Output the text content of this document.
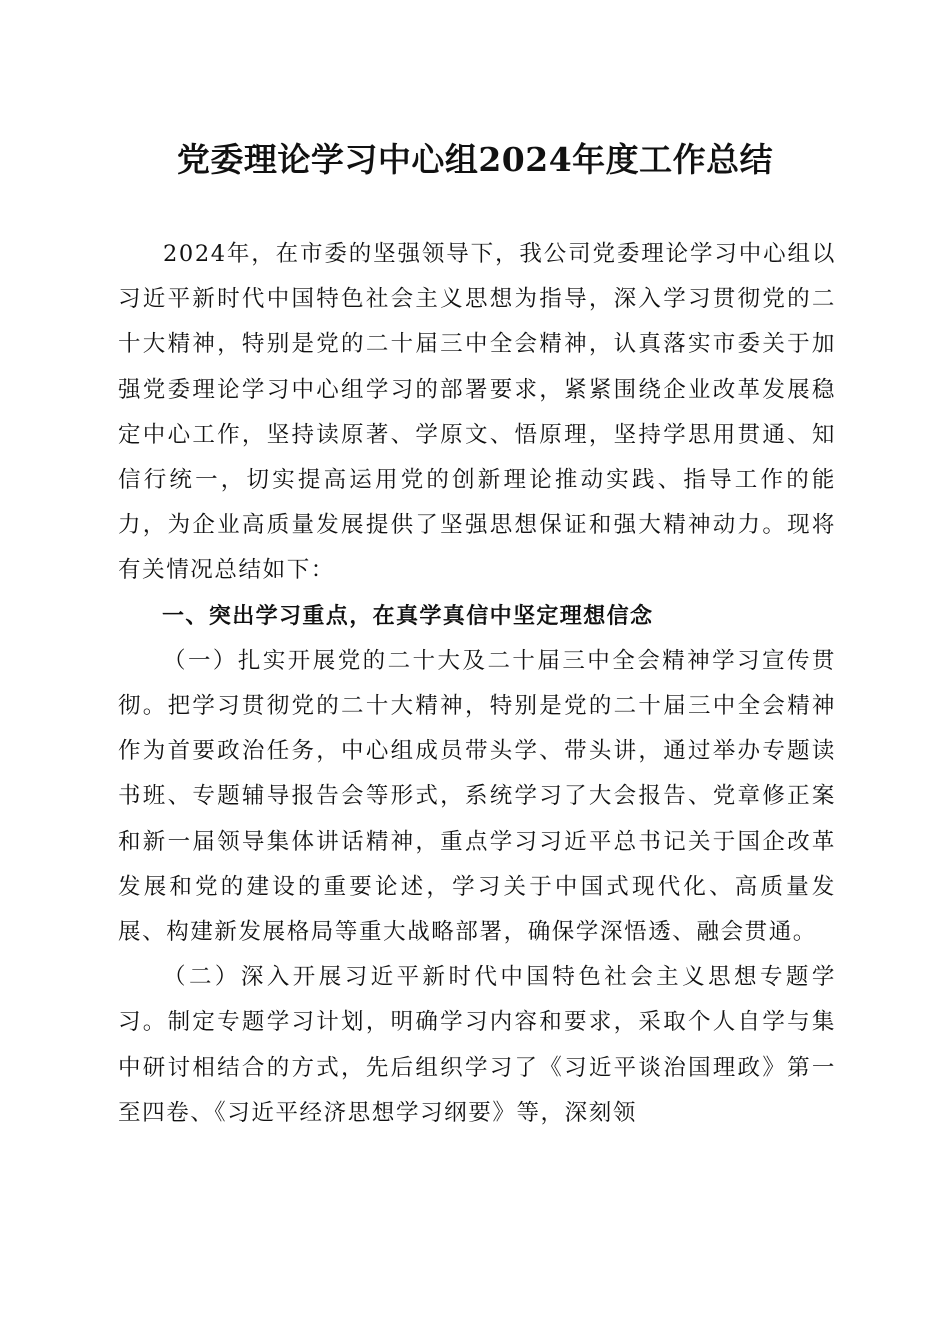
党委理论学习中心组2024年度工作总结

2024年，在市委的坚强领导下，我公司党委理论学习中心组以习近平新时代中国特色社会主义思想为指导，深入学习贯彻党的二十大精神，特别是党的二十届三中全会精神，认真落实市委关于加强党委理论学习中心组学习的部署要求，紧紧围绕企业改革发展稳定中心工作，坚持读原著、学原文、悟原理，坚持学思用贯通、知信行统一，切实提高运用党的创新理论推动实践、指导工作的能力，为企业高质量发展提供了坚强思想保证和强大精神动力。现将有关情况总结如下：

一、突出学习重点，在真学真信中坚定理想信念

（一）扎实开展党的二十大及二十届三中全会精神学习宣传贯彻。把学习贯彻党的二十大精神，特别是党的二十届三中全会精神作为首要政治任务，中心组成员带头学、带头讲，通过举办专题读书班、专题辅导报告会等形式，系统学习了大会报告、党章修正案和新一届领导集体讲话精神，重点学习习近平总书记关于国企改革发展和党的建设的重要论述，学习关于中国式现代化、高质量发展、构建新发展格局等重大战略部署，确保学深悟透、融会贯通。

（二）深入开展习近平新时代中国特色社会主义思想专题学习。制定专题学习计划，明确学习内容和要求，采取个人自学与集中研讨相结合的方式，先后组织学习了《习近平谈治国理政》第一至四卷、《习近平经济思想学习纲要》等，深刻领
